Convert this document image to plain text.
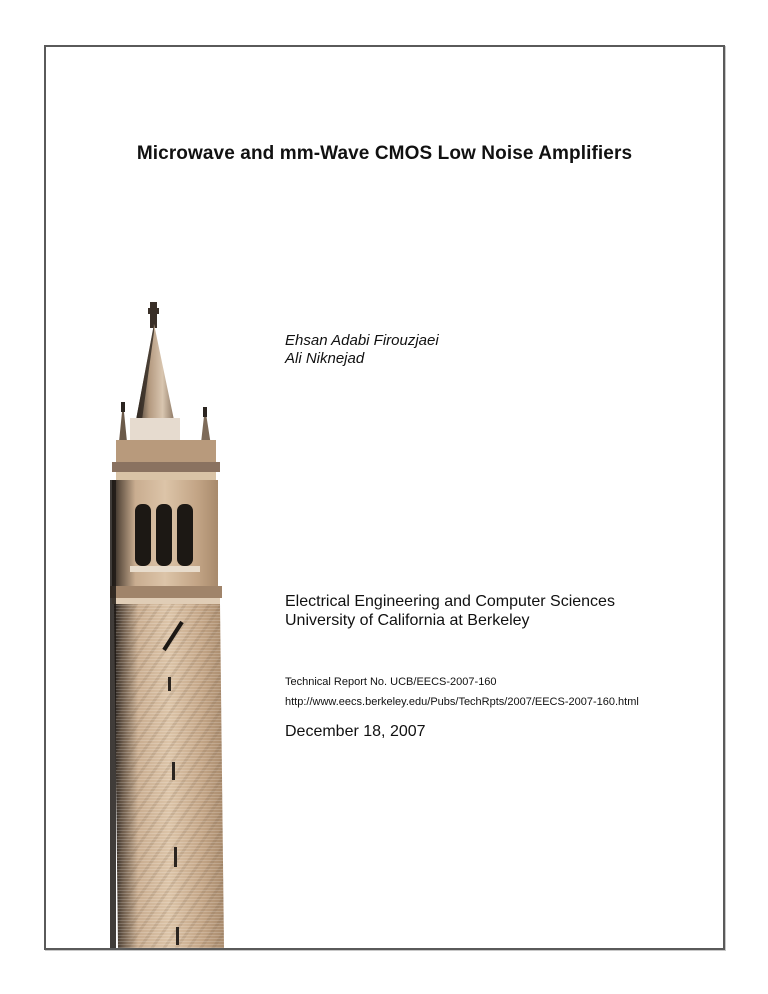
Microwave and mm-Wave CMOS Low Noise Amplifiers
Ehsan Adabi Firouzjaei
Ali Niknejad
Electrical Engineering and Computer Sciences
University of California at Berkeley
Technical Report No. UCB/EECS-2007-160
http://www.eecs.berkeley.edu/Pubs/TechRpts/2007/EECS-2007-160.html
December 18, 2007
